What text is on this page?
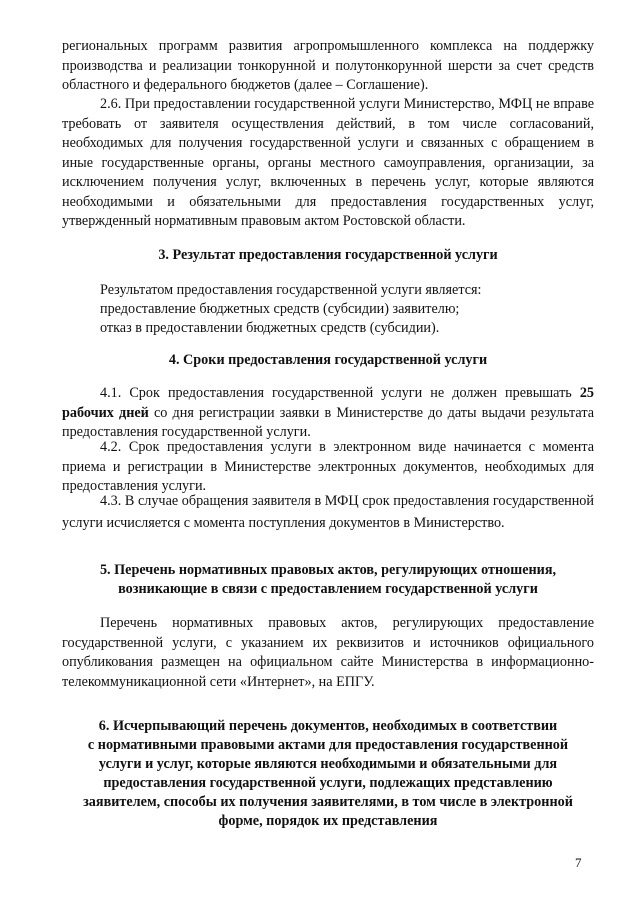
региональных программ развития агропромышленного комплекса на поддержку производства и реализации тонкорунной и полутонкорунной шерсти за счет средств областного и федерального бюджетов (далее – Соглашение).
2.6. При предоставлении государственной услуги Министерство, МФЦ не вправе требовать от заявителя осуществления действий, в том числе согласований, необходимых для получения государственной услуги и связанных с обращением в иные государственные органы, органы местного самоуправления, организации, за исключением получения услуг, включенных в перечень услуг, которые являются необходимыми и обязательными для предоставления государственных услуг, утвержденный нормативным правовым актом Ростовской области.
3. Результат предоставления государственной услуги
Результатом предоставления государственной услуги является:
предоставление бюджетных средств (субсидии) заявителю;
отказ в предоставлении бюджетных средств (субсидии).
4. Сроки предоставления государственной услуги
4.1. Срок предоставления государственной услуги не должен превышать 25 рабочих дней со дня регистрации заявки в Министерстве до даты выдачи результата предоставления государственной услуги.
4.2. Срок предоставления услуги в электронном виде начинается с момента приема и регистрации в Министерстве электронных документов, необходимых для предоставления услуги.
4.3. В случае обращения заявителя в МФЦ срок предоставления государственной услуги исчисляется с момента поступления документов в Министерство.
5. Перечень нормативных правовых актов, регулирующих отношения,
возникающие в связи с предоставлением государственной услуги
Перечень нормативных правовых актов, регулирующих предоставление государственной услуги, с указанием их реквизитов и источников официального опубликования размещен на официальном сайте Министерства в информационно-телекоммуникационной сети «Интернет», на ЕПГУ.
6. Исчерпывающий перечень документов, необходимых в соответствии
с нормативными правовыми актами для предоставления государственной
услуги и услуг, которые являются необходимыми и обязательными для
предоставления государственной услуги, подлежащих представлению
заявителем, способы их получения заявителями, в том числе в электронной
форме, порядок их представления
7
